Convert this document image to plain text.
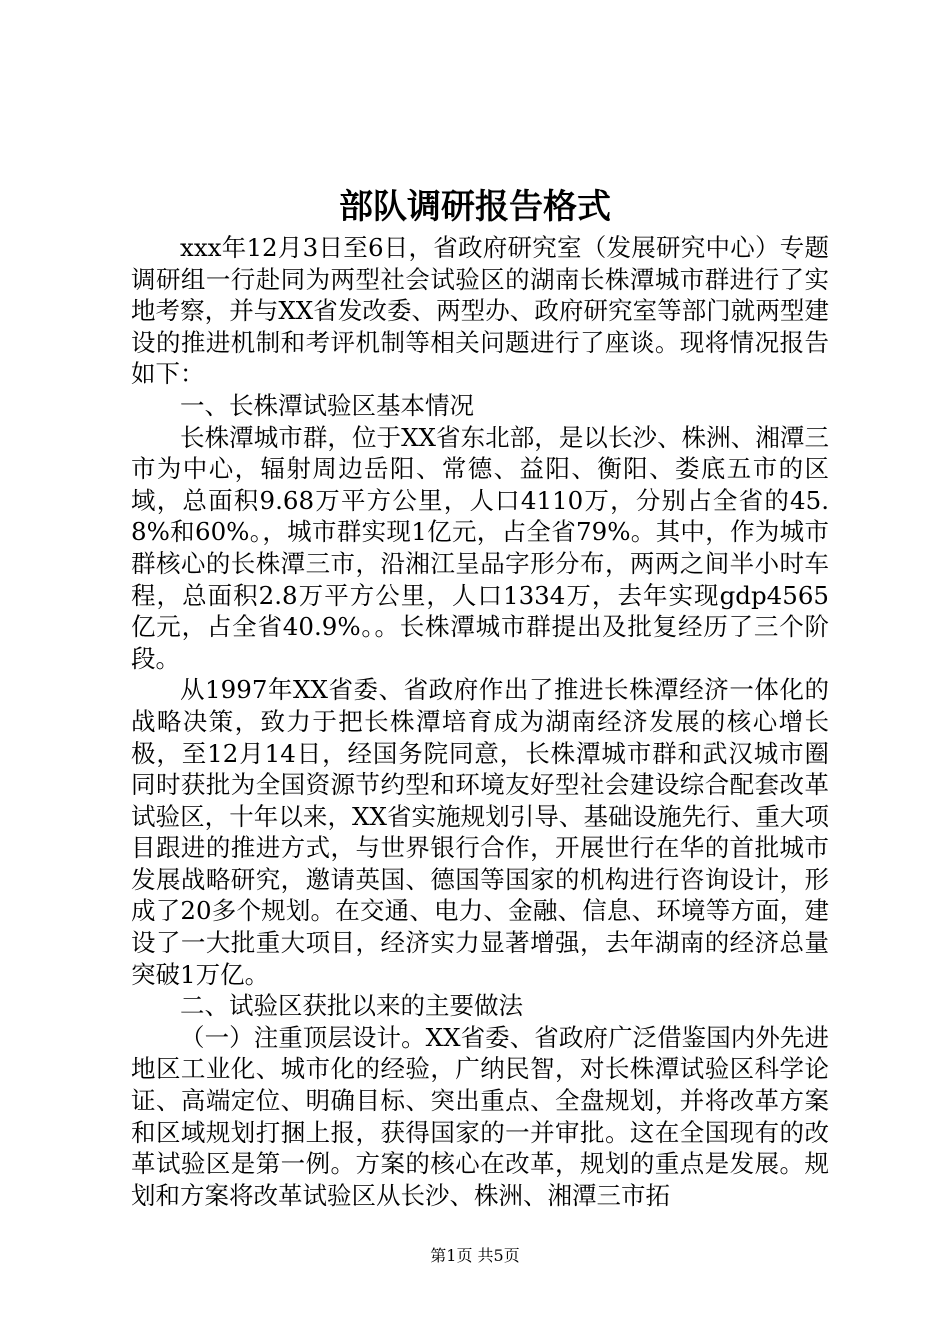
部队调研报告格式

xxx年12月3日至6日，省政府研究室（发展研究中心）专题调研组一行赴同为两型社会试验区的湖南长株潭城市群进行了实地考察，并与XX省发改委、两型办、政府研究室等部门就两型建设的推进机制和考评机制等相关问题进行了座谈。现将情况报告如下：

一、长株潭试验区基本情况

长株潭城市群，位于XX省东北部，是以长沙、株洲、湘潭三市为中心，辐射周边岳阳、常德、益阳、衡阳、娄底五市的区域，总面积9.68万平方公里，人口4110万，分别占全省的45.8%和60%。，城市群实现1亿元，占全省79%。其中，作为城市群核心的长株潭三市，沿湘江呈品字形分布，两两之间半小时车程，总面积2.8万平方公里，人口1334万，去年实现gdp4565亿元，占全省40.9%。。长株潭城市群提出及批复经历了三个阶段。

从1997年XX省委、省政府作出了推进长株潭经济一体化的战略决策，致力于把长株潭培育成为湖南经济发展的核心增长极，至12月14日，经国务院同意，长株潭城市群和武汉城市圈同时获批为全国资源节约型和环境友好型社会建设综合配套改革试验区，十年以来，XX省实施规划引导、基础设施先行、重大项目跟进的推进方式，与世界银行合作，开展世行在华的首批城市发展战略研究，邀请英国、德国等国家的机构进行咨询设计，形成了20多个规划。在交通、电力、金融、信息、环境等方面，建设了一大批重大项目，经济实力显著增强，去年湖南的经济总量突破1万亿。

二、试验区获批以来的主要做法

（一）注重顶层设计。XX省委、省政府广泛借鉴国内外先进地区工业化、城市化的经验，广纳民智，对长株潭试验区科学论证、高端定位、明确目标、突出重点、全盘规划，并将改革方案和区域规划打捆上报，获得国家的一并审批。这在全国现有的改革试验区是第一例。方案的核心在改革，规划的重点是发展。规划和方案将改革试验区从长沙、株洲、湘潭三市拓

第1页 共5页
